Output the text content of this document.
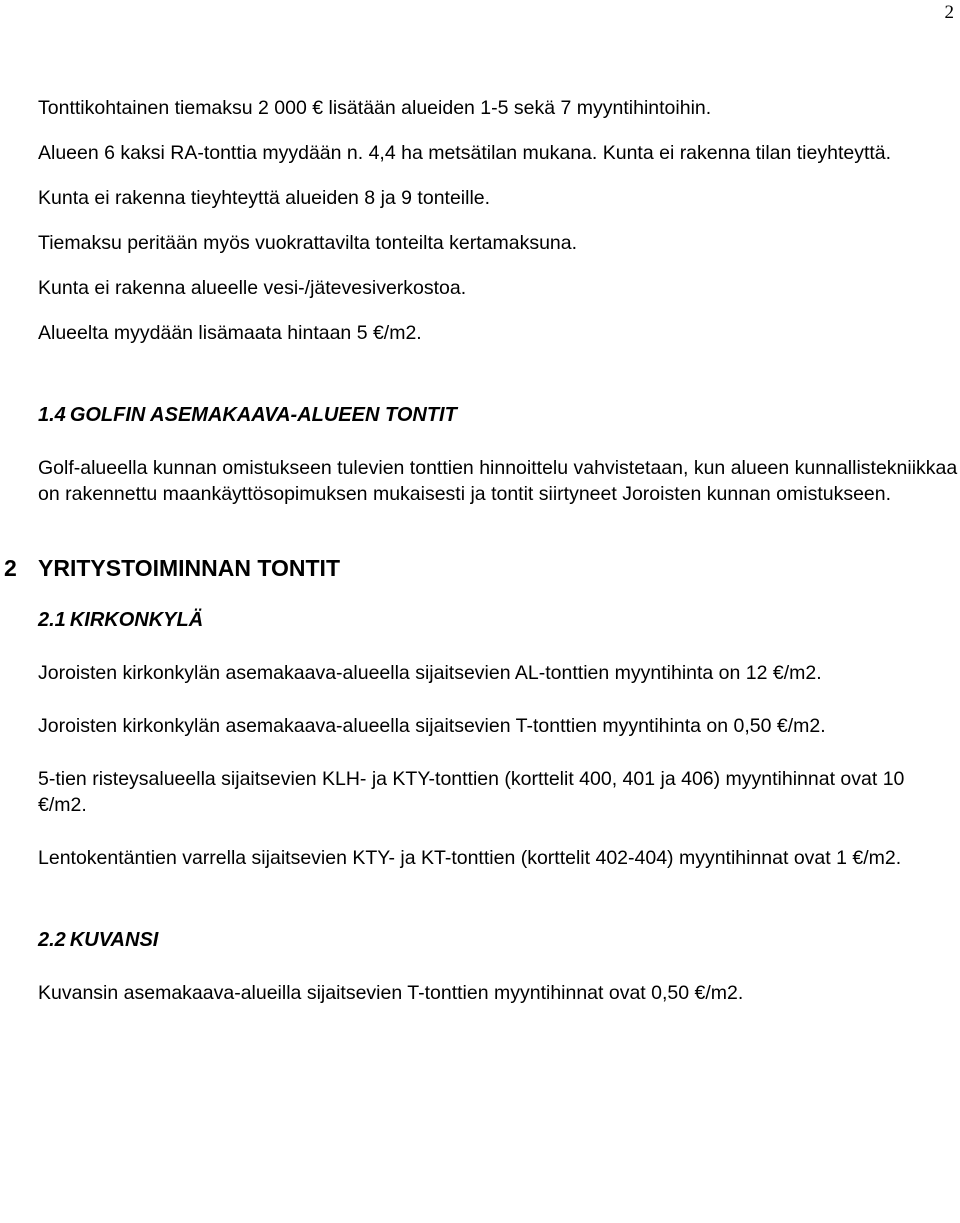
2

Tonttikohtainen tiemaksu 2 000 € lisätään alueiden 1-5 sekä 7 myyntihintoihin.

Alueen 6 kaksi RA-tonttia myydään n. 4,4 ha metsätilan mukana. Kunta ei rakenna tilan tieyhteyttä.

Kunta ei rakenna tieyhteyttä alueiden 8 ja 9 tonteille.

Tiemaksu peritään myös vuokrattavilta tonteilta kertamaksuna.

Kunta ei rakenna alueelle vesi-/jätevesiverkostoa.

Alueelta myydään lisämaata hintaan 5 €/m2.

1.4 GOLFIN ASEMAKAAVA-ALUEEN TONTIT

Golf-alueella kunnan omistukseen tulevien tonttien hinnoittelu vahvistetaan, kun alueen kunnallistekniikkaa on rakennettu maankäyttösopimuksen mukaisesti ja tontit siirtyneet Joroisten kunnan omistukseen.

2 YRITYSTOIMINNAN TONTIT
2.1 KIRKONKYLÄ

Joroisten kirkonkylän asemakaava-alueella sijaitsevien AL-tonttien myyntihinta on 12 €/m2.

Joroisten kirkonkylän asemakaava-alueella sijaitsevien T-tonttien myyntihinta on 0,50 €/m2.

5-tien risteysalueella sijaitsevien KLH- ja KTY-tonttien (korttelit 400, 401 ja 406) myyntihinnat ovat 10 €/m2.

Lentokentäntien varrella sijaitsevien KTY- ja KT-tonttien (korttelit 402-404) myyntihinnat ovat 1 €/m2.

2.2 KUVANSI

Kuvansin asemakaava-alueilla sijaitsevien T-tonttien myyntihinnat ovat 0,50 €/m2.
